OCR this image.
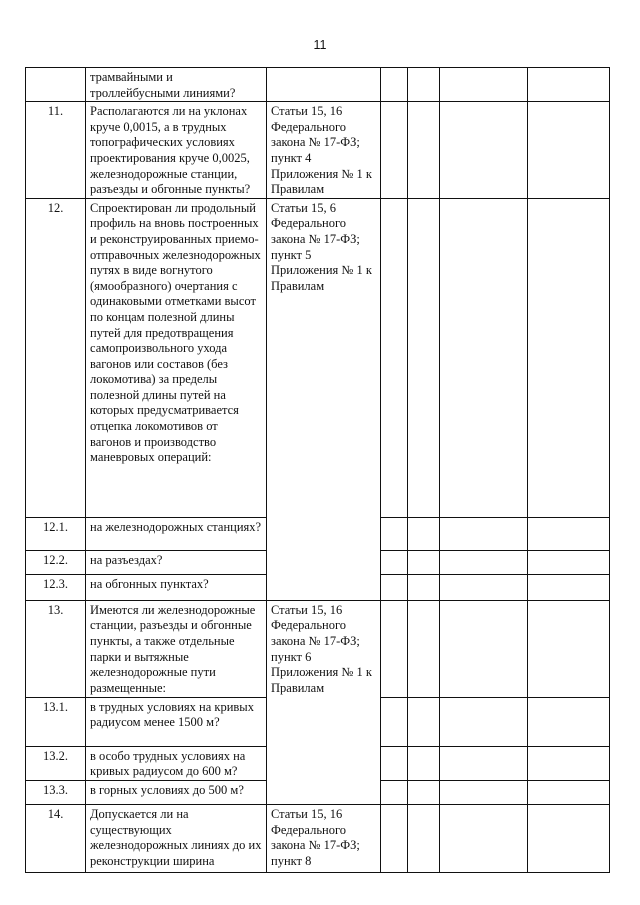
11
	трамвайными и троллейбусными линиями?					
11.	Располагаются ли на уклонах круче 0,0015, а в трудных топографических условиях проектирования круче 0,0025, железнодорожные станции, разъезды и обгонные пункты?	Статьи 15, 16 Федерального закона № 17-ФЗ; пункт 4 Приложения № 1 к Правилам				
12.	Спроектирован ли продольный профиль на вновь построенных и реконструированных приемо-отправочных железнодорожных путях в виде вогнутого (ямообразного) очертания с одинаковыми отметками высот по концам полезной длины путей для предотвращения самопроизвольного ухода вагонов или составов (без локомотива) за пределы полезной длины путей на которых предусматривается отцепка локомотивов от вагонов и производство маневровых операций:	Статьи 15, 6 Федерального закона № 17-ФЗ; пункт 5 Приложения № 1 к Правилам				
12.1.	на железнодорожных станциях?					
12.2.	на разъездах?					
12.3.	на обгонных пунктах?					
13.	Имеются ли железнодорожные станции, разъезды и обгонные пункты, а также отдельные парки и вытяжные железнодорожные пути размещенные:	Статьи 15, 16 Федерального закона № 17-ФЗ; пункт 6 Приложения № 1 к Правилам				
13.1.	в трудных условиях на кривых радиусом менее 1500 м?					
13.2.	в особо трудных условиях на кривых радиусом до 600 м?					
13.3.	в горных условиях до 500 м?					
14.	Допускается ли на существующих железнодорожных линиях до их реконструкции ширина	Статьи 15, 16 Федерального закона № 17-ФЗ; пункт 8				
